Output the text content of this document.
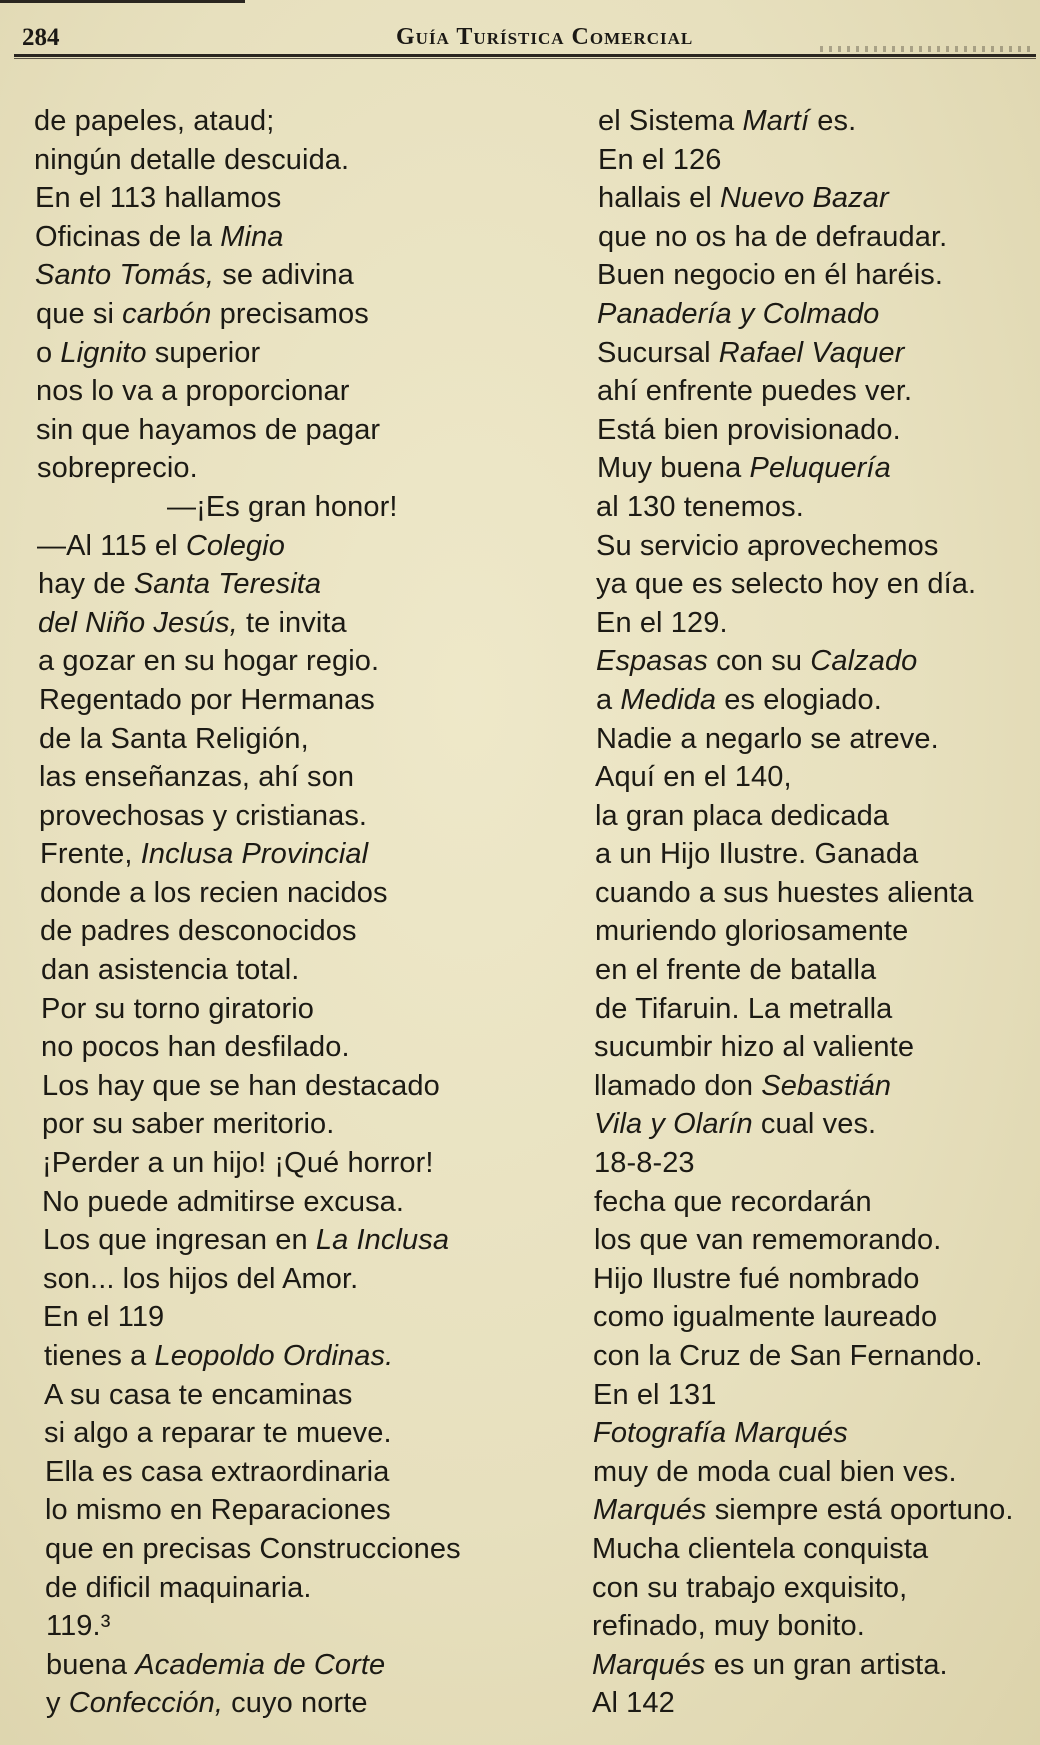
284	Guía Turística Comercial
de papeles, ataud;
ningún detalle descuida.
En el 113 hallamos
Oficinas de la Mina
Santo Tomás, se adivina
que si carbón precisamos
o Lignito superior
nos lo va a proporcionar
sin que hayamos de pagar
sobreprecio.
—¡Es gran honor!
—Al 115 el Colegio
hay de Santa Teresita
del Niño Jesús, te invita
a gozar en su hogar regio.
Regentado por Hermanas
de la Santa Religión,
las enseñanzas, ahí son
provechosas y cristianas.
Frente, Inclusa Provincial
donde a los recien nacidos
de padres desconocidos
dan asistencia total.
Por su torno giratorio
no pocos han desfilado.
Los hay que se han destacado
por su saber meritorio.
¡Perder a un hijo! ¡Qué horror!
No puede admitirse excusa.
Los que ingresan en La Inclusa
son... los hijos del Amor.
En el 119
tienes a Leopoldo Ordinas.
A su casa te encaminas
si algo a reparar te mueve.
Ella es casa extraordinaria
lo mismo en Reparaciones
que en precisas Construcciones
de dificil maquinaria.
119.³
buena Academia de Corte
y Confección, cuyo norte
el Sistema Martí es.
En el 126
hallais el Nuevo Bazar
que no os ha de defraudar.
Buen negocio en él haréis.
Panadería y Colmado
Sucursal Rafael Vaquer
ahí enfrente puedes ver.
Está bien provisionado.
Muy buena Peluquería
al 130 tenemos.
Su servicio aprovechemos
ya que es selecto hoy en día.
En el 129.
Espasas con su Calzado
a Medida es elogiado.
Nadie a negarlo se atreve.
Aquí en el 140,
la gran placa dedicada
a un Hijo Ilustre. Ganada
cuando a sus huestes alienta
muriendo gloriosamente
en el frente de batalla
de Tifaruin. La metralla
sucumbir hizo al valiente
llamado don Sebastián
Vila y Olarín cual ves.
18-8-23
fecha que recordarán
los que van rememorando.
Hijo Ilustre fué nombrado
como igualmente laureado
con la Cruz de San Fernando.
En el 131
Fotografía Marqués
muy de moda cual bien ves.
Marqués siempre está oportuno.
Mucha clientela conquista
con su trabajo exquisito,
refinado, muy bonito.
Marqués es un gran artista.
Al 142
